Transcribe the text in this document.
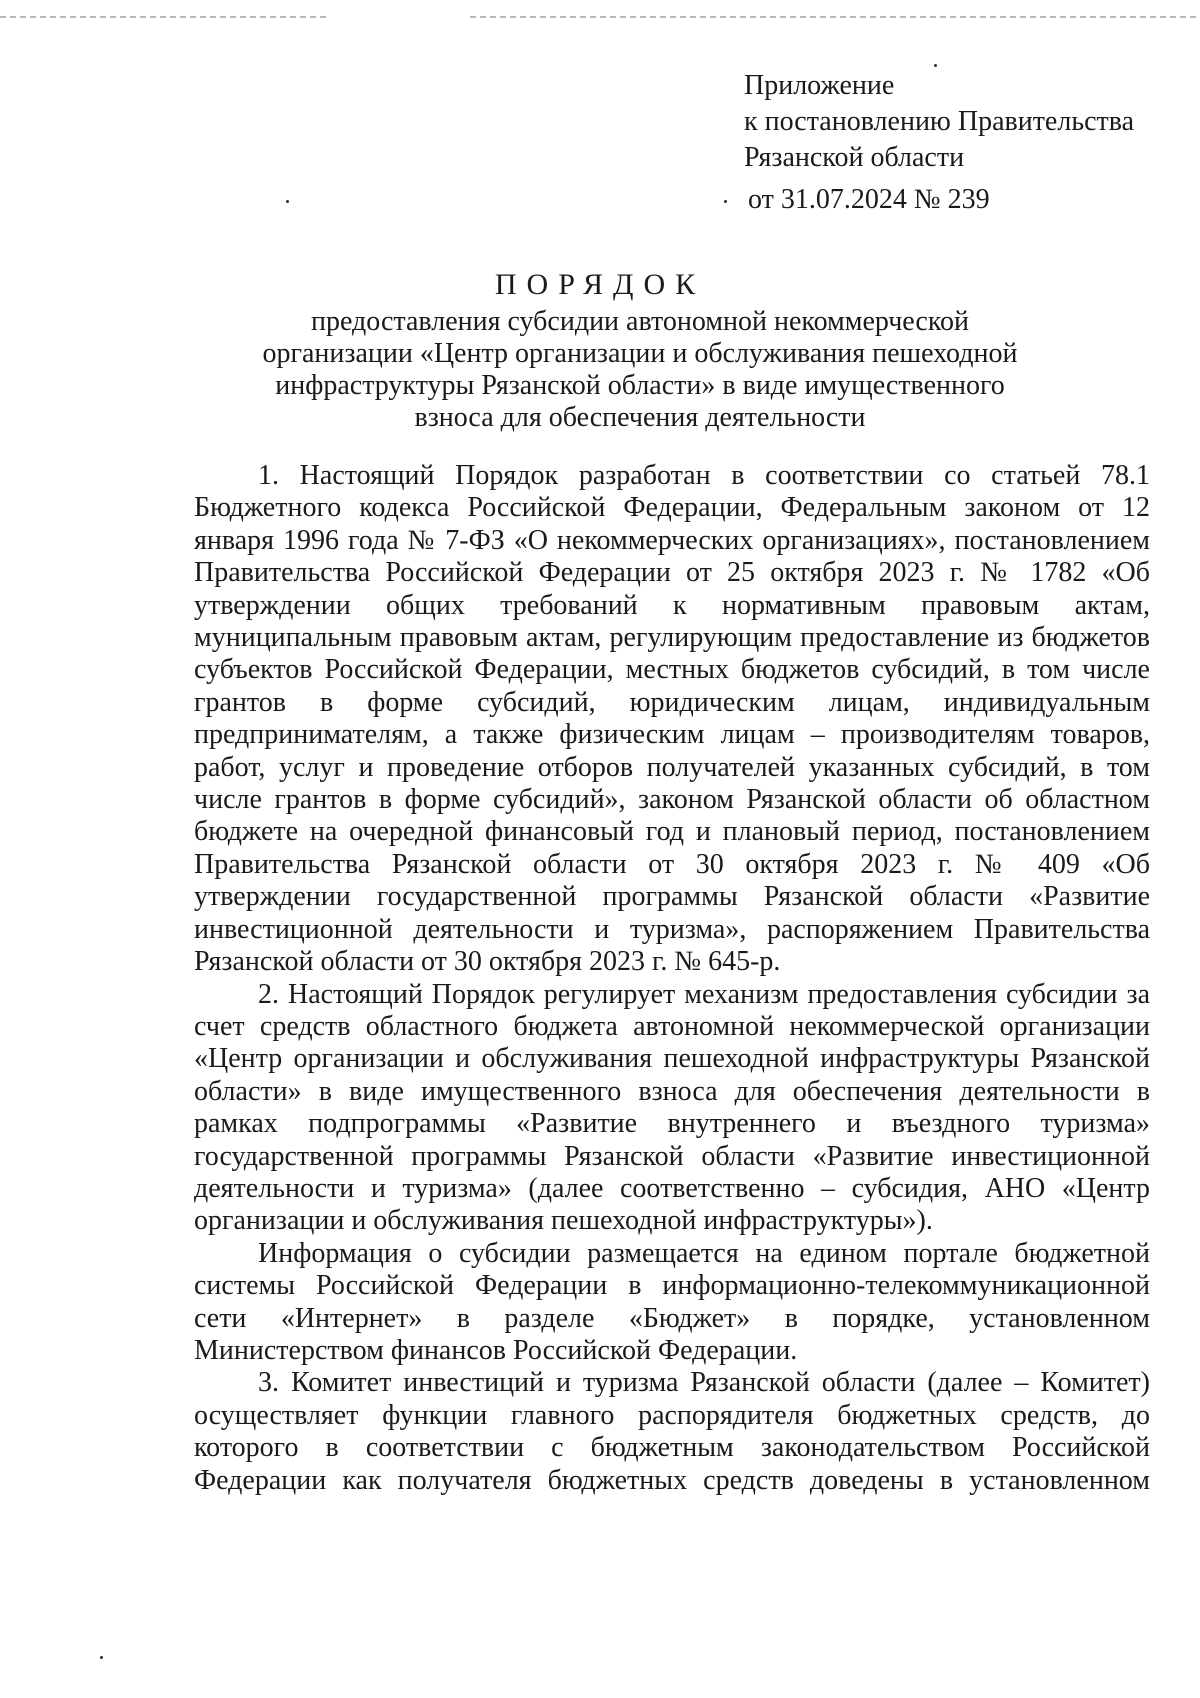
Приложение
к постановлению Правительства
Рязанской области
от 31.07.2024 № 239
ПОРЯДОК
предоставления субсидии автономной некоммерческой
организации «Центр организации и обслуживания пешеходной
инфраструктуры Рязанской области» в виде имущественного
взноса для обеспечения деятельности

1. Настоящий Порядок разработан в соответствии со статьей 78.1 Бюджетного кодекса Российской Федерации, Федеральным законом от 12 января 1996 года № 7-ФЗ «О некоммерческих организациях», постановлением Правительства Российской Федерации от 25 октября 2023 г. № 1782 «Об утверждении общих требований к нормативным правовым актам, муниципальным правовым актам, регулирующим предоставление из бюджетов субъектов Российской Федерации, местных бюджетов субсидий, в том числе грантов в форме субсидий, юридическим лицам, индивидуальным предпринимателям, а также физическим лицам – производителям товаров, работ, услуг и проведение отборов получателей указанных субсидий, в том числе грантов в форме субсидий», законом Рязанской области об областном бюджете на очередной финансовый год и плановый период, постановлением Правительства Рязанской области от 30 октября 2023 г. № 409 «Об утверждении государственной программы Рязанской области «Развитие инвестиционной деятельности и туризма», распоряжением Правительства Рязанской области от 30 октября 2023 г. № 645-р.

2. Настоящий Порядок регулирует механизм предоставления субсидии за счет средств областного бюджета автономной некоммерческой организации «Центр организации и обслуживания пешеходной инфраструктуры Рязанской области» в виде имущественного взноса для обеспечения деятельности в рамках подпрограммы «Развитие внутреннего и въездного туризма» государственной программы Рязанской области «Развитие инвестиционной деятельности и туризма» (далее соответственно – субсидия, АНО «Центр организации и обслуживания пешеходной инфраструктуры»).

Информация о субсидии размещается на едином портале бюджетной системы Российской Федерации в информационно-телекоммуникационной сети «Интернет» в разделе «Бюджет» в порядке, установленном Министерством финансов Российской Федерации.

3. Комитет инвестиций и туризма Рязанской области (далее – Комитет) осуществляет функции главного распорядителя бюджетных средств, до которого в соответствии с бюджетным законодательством Российской Федерации как получателя бюджетных средств доведены в установленном
